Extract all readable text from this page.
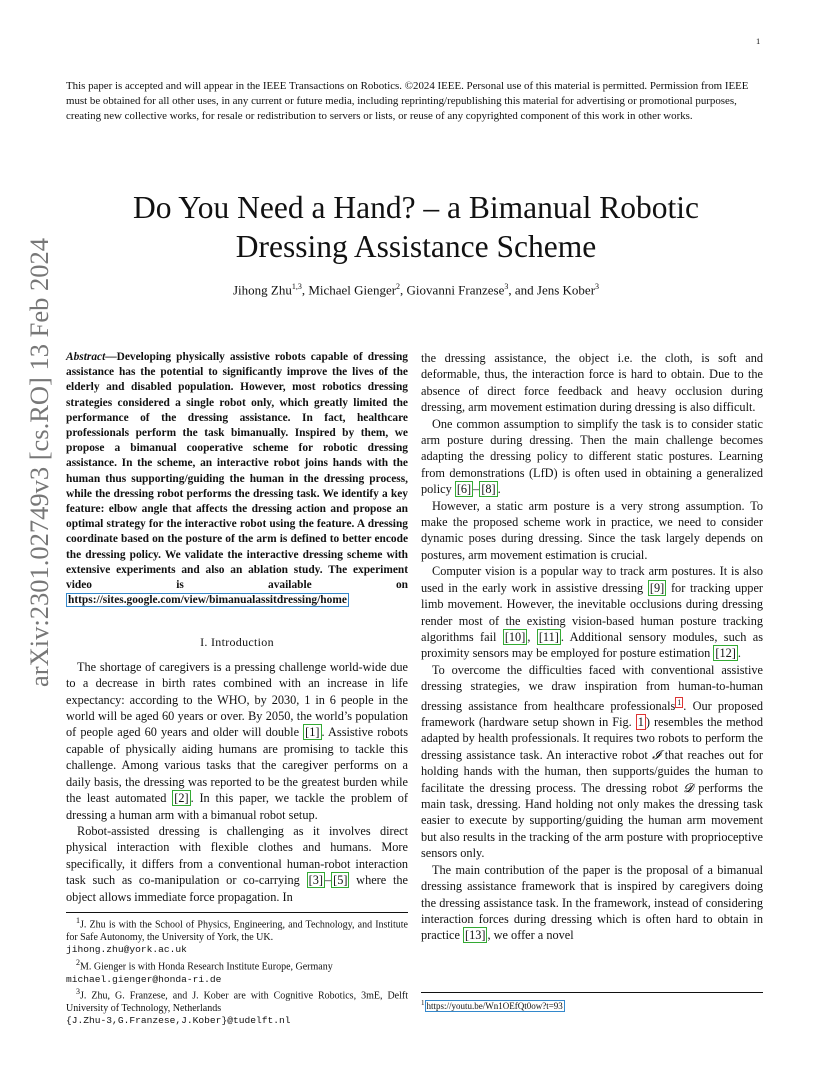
1
This paper is accepted and will appear in the IEEE Transactions on Robotics. ©2024 IEEE. Personal use of this material is permitted. Permission from IEEE must be obtained for all other uses, in any current or future media, including reprinting/republishing this material for advertising or promotional purposes, creating new collective works, for resale or redistribution to servers or lists, or reuse of any copyrighted component of this work in other works.
Do You Need a Hand? – a Bimanual Robotic
Dressing Assistance Scheme
Jihong Zhu$^{1,3}$, Michael Gienger$^2$, Giovanni Franzese$^3$, and Jens Kober$^3$
arXiv:2301.02749v3 [cs.RO] 13 Feb 2024	Abstract—Developing physically assistive robots capable of dressing assistance has the potential to significantly improve the lives of the elderly and disabled population. However, most robotics dressing strategies considered a single robot only, which greatly limited the performance of the dressing assistance. In fact, healthcare professionals perform the task bimanually. Inspired by them, we propose a bimanual cooperative scheme for robotic dressing assistance. In the scheme, an interactive robot joins hands with the human thus supporting/guiding the human in the dressing process, while the dressing robot performs the dressing task. We identify a key feature: elbow angle that affects the dressing action and propose an optimal strategy for the interactive robot using the feature. A dressing coordinate based on the posture of the arm is defined to better encode the dressing policy. We validate the interactive dressing scheme with extensive experiments and also an ablation study. The experiment video is available on https://sites.google.com/view/bimanualassitdressing/home

I. Introduction

The shortage of caregivers is a pressing challenge world-wide due to a decrease in birth rates combined with an increase in life expectancy: according to the WHO, by 2030, 1 in 6 people in the world will be aged 60 years or over. By 2050, the world’s population of people aged 60 years and older will double [1] . Assistive robots capable of physically aiding humans are promising to tackle this challenge. Among various tasks that the caregiver performs on a daily basis, the dressing was reported to be the greatest burden while the least automated [2] . In this paper, we tackle the problem of dressing a human arm with a bimanual robot setup.

Robot-assisted dressing is challenging as it involves direct physical interaction with flexible clothes and humans. More specifically, it differs from a conventional human-robot interaction task such as co-manipulation or co-carrying [3] – [5] where the object allows immediate force propagation. In

$^1$J. Zhu is with the School of Physics, Engineering, and Technology, and Institute for Safe Autonomy, the University of York, the UK.
jihong.zhu@york.ac.uk

$^2$M. Gienger is with Honda Research Institute Europe, Germany
michael.gienger@honda-ri.de

$^3$J. Zhu, G. Franzese, and J. Kober are with Cognitive Robotics, 3mE, Delft University of Technology, Netherlands
{J.Zhu-3,G.Franzese,J.Kober}@tudelft.nl

the dressing assistance, the object i.e. the cloth, is soft and deformable, thus, the interaction force is hard to obtain. Due to the absence of direct force feedback and heavy occlusion during dressing, arm movement estimation during dressing is also difficult.

One common assumption to simplify the task is to consider static arm posture during dressing. Then the main challenge becomes adapting the dressing policy to different static postures. Learning from demonstrations (LfD) is often used in obtaining a generalized policy [6] – [8] .

However, a static arm posture is a very strong assumption. To make the proposed scheme work in practice, we need to consider dynamic poses during dressing. Since the task largely depends on postures, arm movement estimation is crucial.

Computer vision is a popular way to track arm postures. It is also used in the early work in assistive dressing [9] for tracking upper limb movement. However, the inevitable occlusions during dressing render most of the existing vision-based human posture tracking algorithms fail [10] , [11] . Additional sensory modules, such as proximity sensors may be employed for posture estimation [12] .

To overcome the difficulties faced with conventional assistive dressing strategies, we draw inspiration from human-to-human dressing assistance from healthcare professionals $^1$ . Our proposed framework (hardware setup shown in Fig. 1 ) resembles the method adapted by health professionals. It requires two robots to perform the dressing assistance task. An interactive robot 𝓘 that reaches out for holding hands with the human, then supports/guides the human to facilitate the dressing process. The dressing robot 𝓓 performs the main task, dressing. Hand holding not only makes the dressing task easier to execute by supporting/guiding the human arm movement but also results in the tracking of the arm posture with proprioceptive sensors only.

The main contribution of the paper is the proposal of a bimanual dressing assistance framework that is inspired by caregivers doing the dressing assistance task. In the framework, instead of considering interaction forces during dressing which is often hard to obtain in practice [13] , we offer a novel

$^1$ https://youtu.be/Wn1OEfQt0ow?t=93
